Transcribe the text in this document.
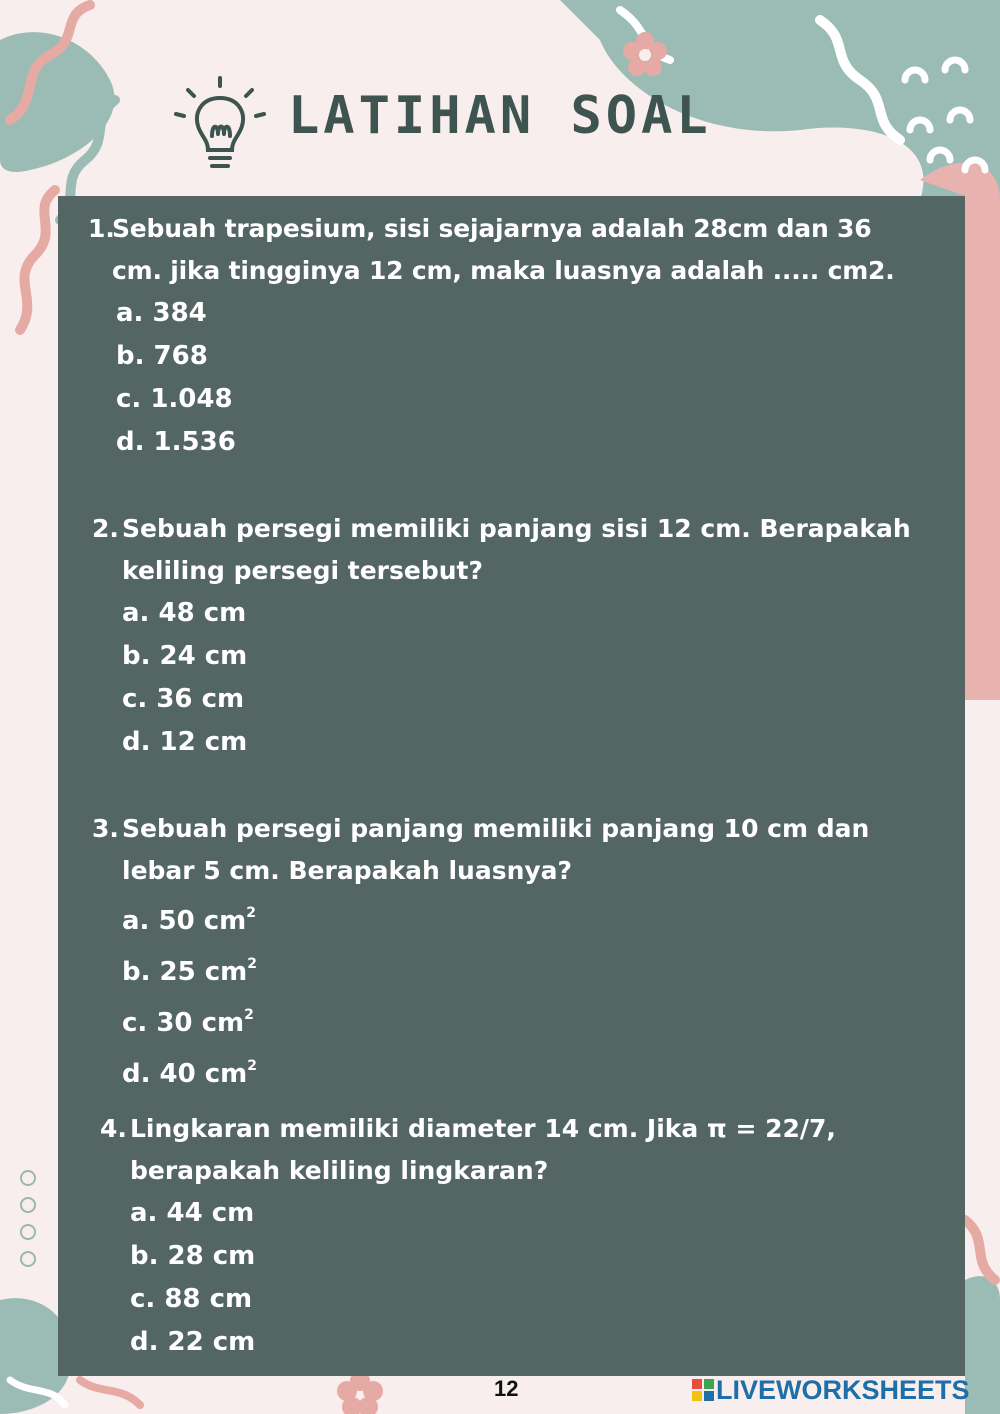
LATIHAN SOAL
1.
Sebuah trapesium, sisi sejajarnya adalah 28cm dan 36 cm. jika tingginya 12 cm, maka luasnya adalah ..... cm2.
a. 384
b. 768
c. 1.048
d. 1.536
2. Sebuah persegi memiliki panjang sisi 12 cm. Berapakah keliling persegi tersebut?
a. 48 cm
b. 24 cm
c. 36 cm
d. 12 cm
3. Sebuah persegi panjang memiliki panjang 10 cm dan lebar 5 cm. Berapakah luasnya?
a. 50 $cm^2$
b. 25 $cm^2$
c. 30 $cm^2$
d. 40 $cm^2$
4. Lingkaran memiliki diameter 14 cm. Jika π = 22/7, berapakah keliling lingkaran?
a. 44 cm
b. 28 cm
c. 88 cm
d. 22 cm
12	LIVEWORKSHEETS
